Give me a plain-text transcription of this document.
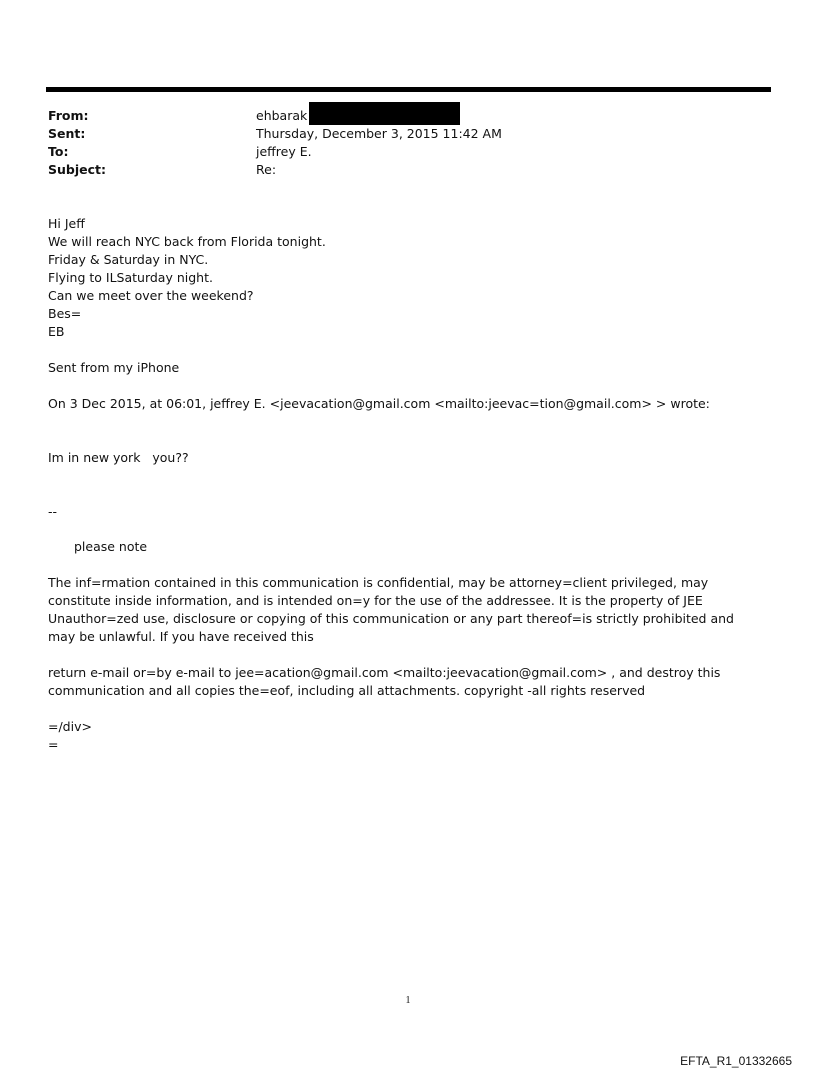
From:	ehbarak
Sent:	Thursday, December 3, 2015 11:42 AM
To:	jeffrey E.
Subject:	Re:
Hi Jeff
We will reach NYC back from Florida tonight.
Friday & Saturday in NYC.
Flying to ILSaturday night.
Can we meet over the weekend?
Bes=
EB
Sent from my iPhone
On 3 Dec 2015, at 06:01, jeffrey E. <jeevacation@gmail.com <mailto:jeevac=tion@gmail.com> > wrote:
Im in new york   you??
--
please note
The inf=rmation contained in this communication is confidential, may be attorney=client privileged, may constitute inside information, and is intended on=y for the use of the addressee. It is the property of JEE Unauthor=zed use, disclosure or copying of this communication or any part thereof=is strictly prohibited and may be unlawful. If you have received this
return e-mail or=by e-mail to jee=acation@gmail.com <mailto:jeevacation@gmail.com> , and destroy this communication and all copies the=eof, including all attachments. copyright -all rights reserved
=/div>
=
1
EFTA_R1_01332665
